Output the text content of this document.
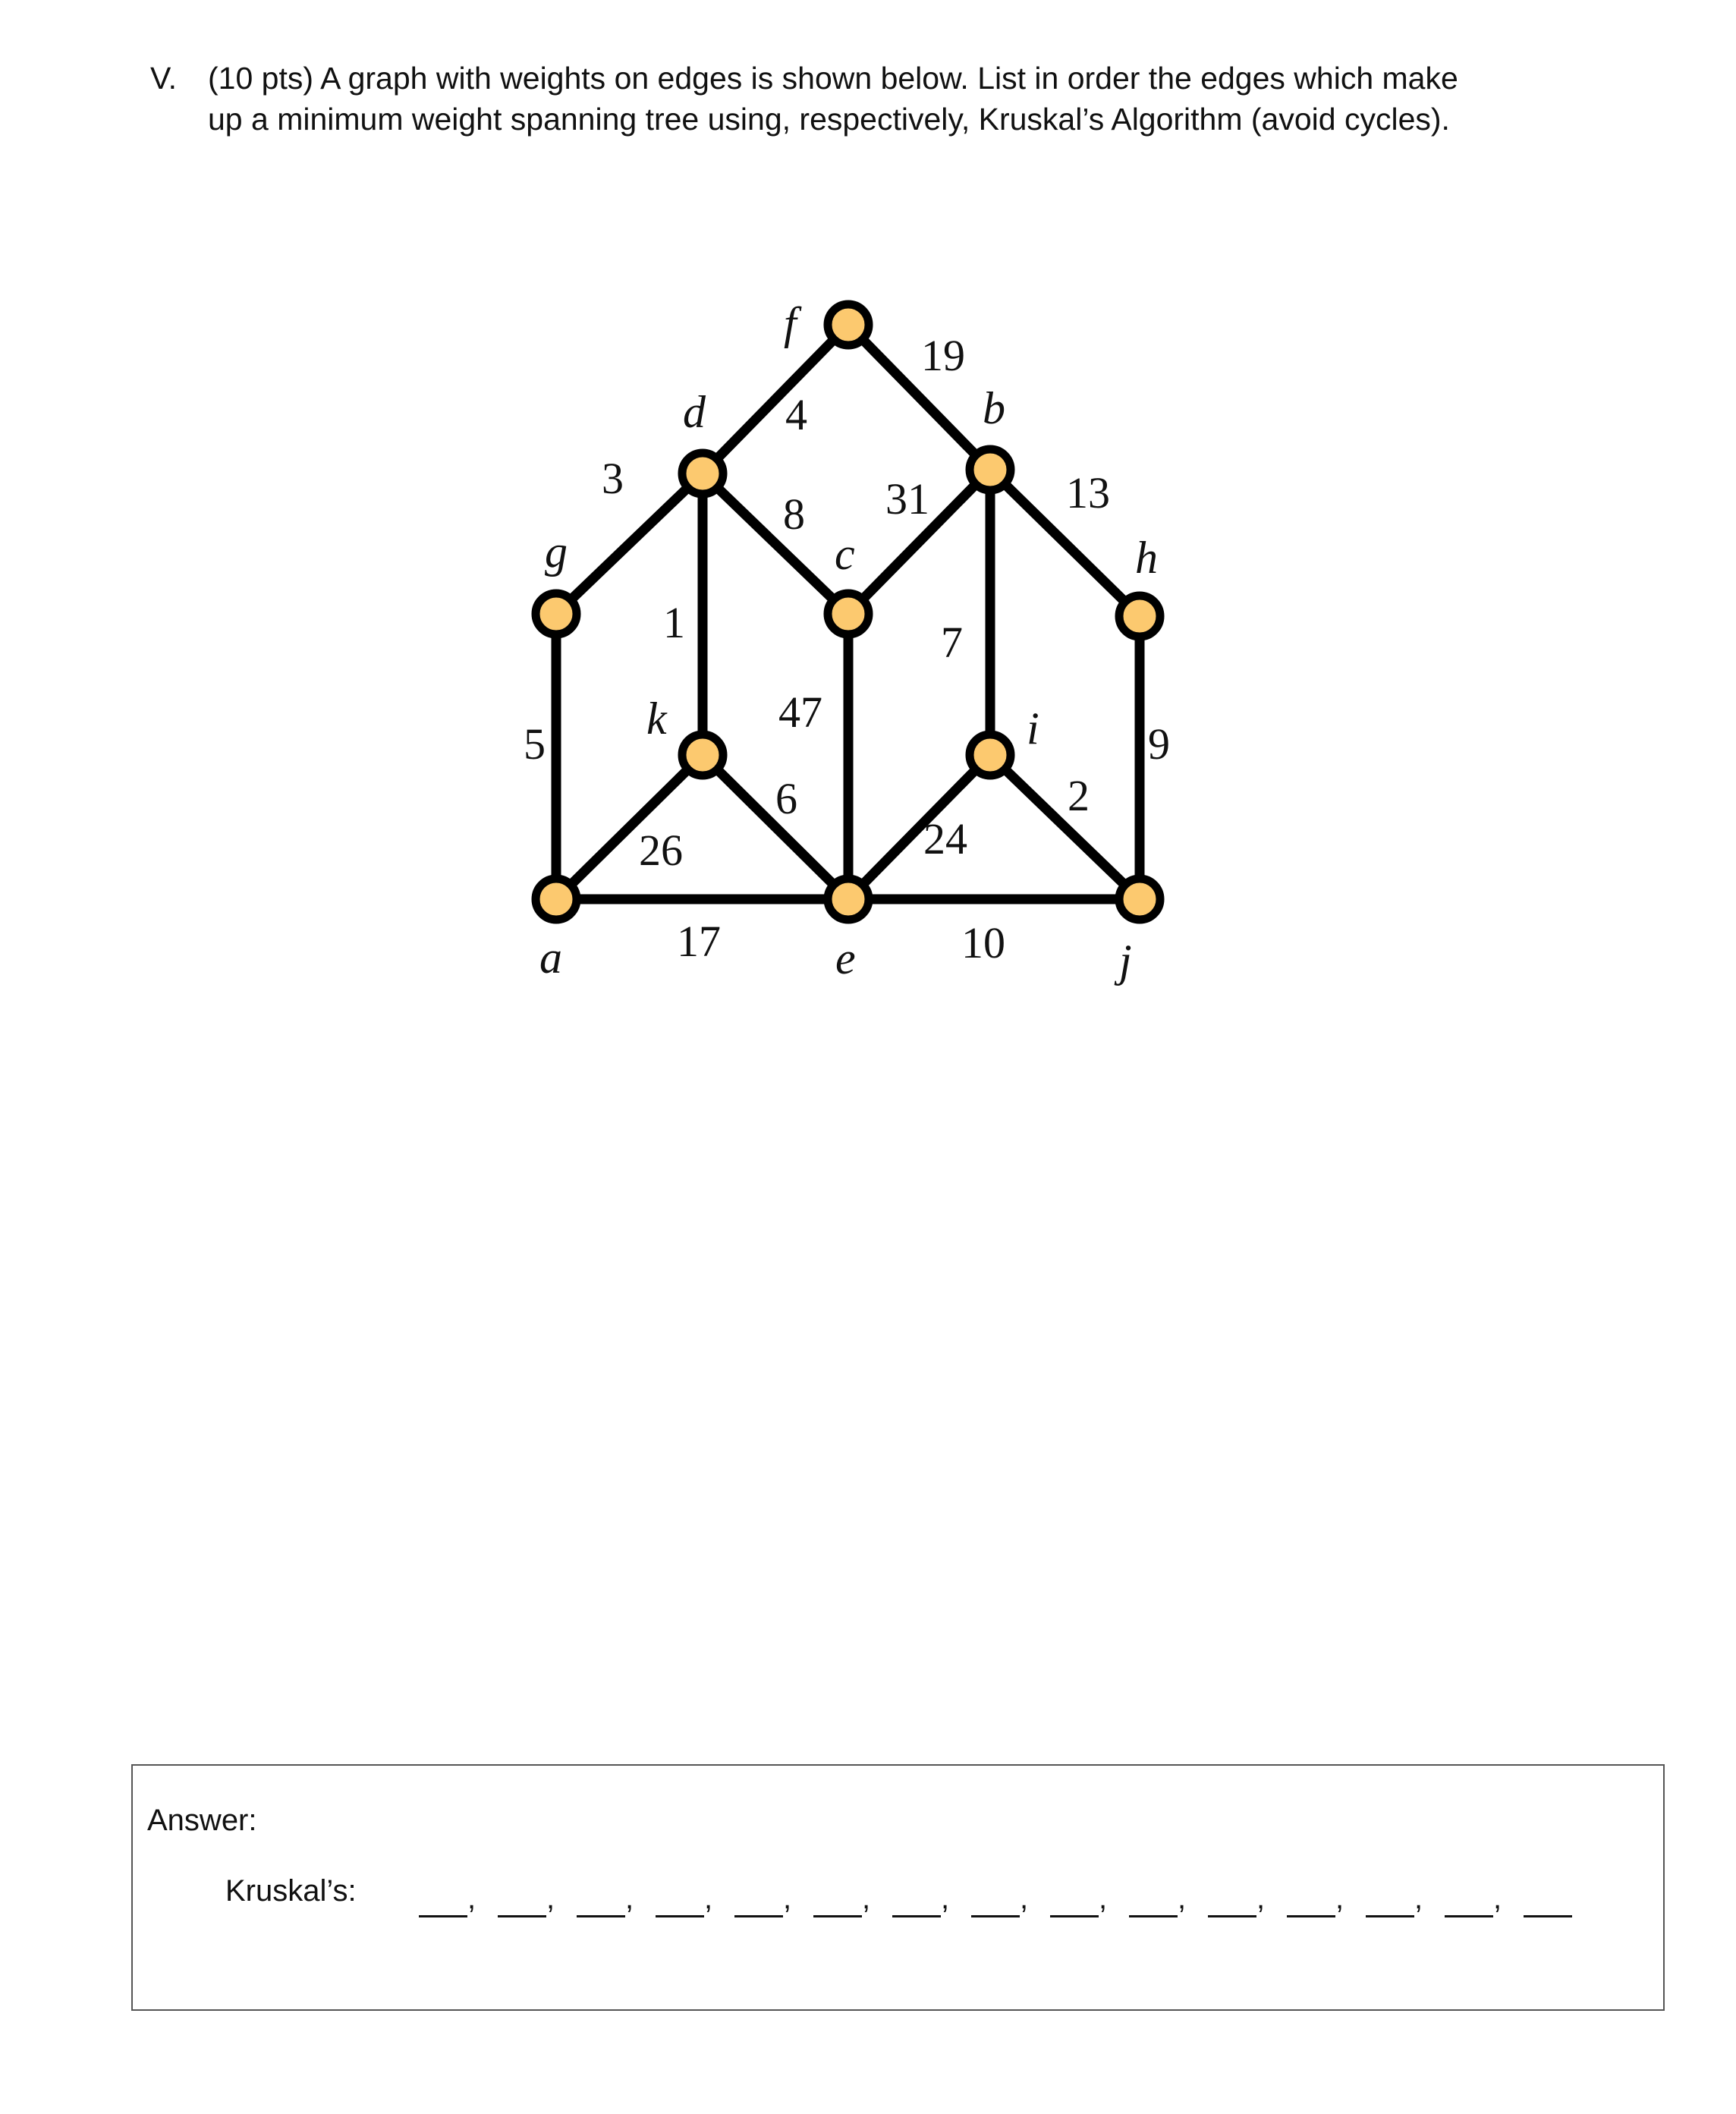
V.	(10 pts) A graph with weights on edges is shown below. List in order the edges which make
up a minimum weight spanning tree using, respectively, Kruskal’s Algorithm (avoid cycles).
f
d	b
g	c	h
k	i
a	e	j
3
4
19
8 31	13
1	7
47
5	9
26
6
24
2
17	10
Answer:
Kruskal’s:	,	,	,	,	,	,	,	,	,	,	,	,	,	,
